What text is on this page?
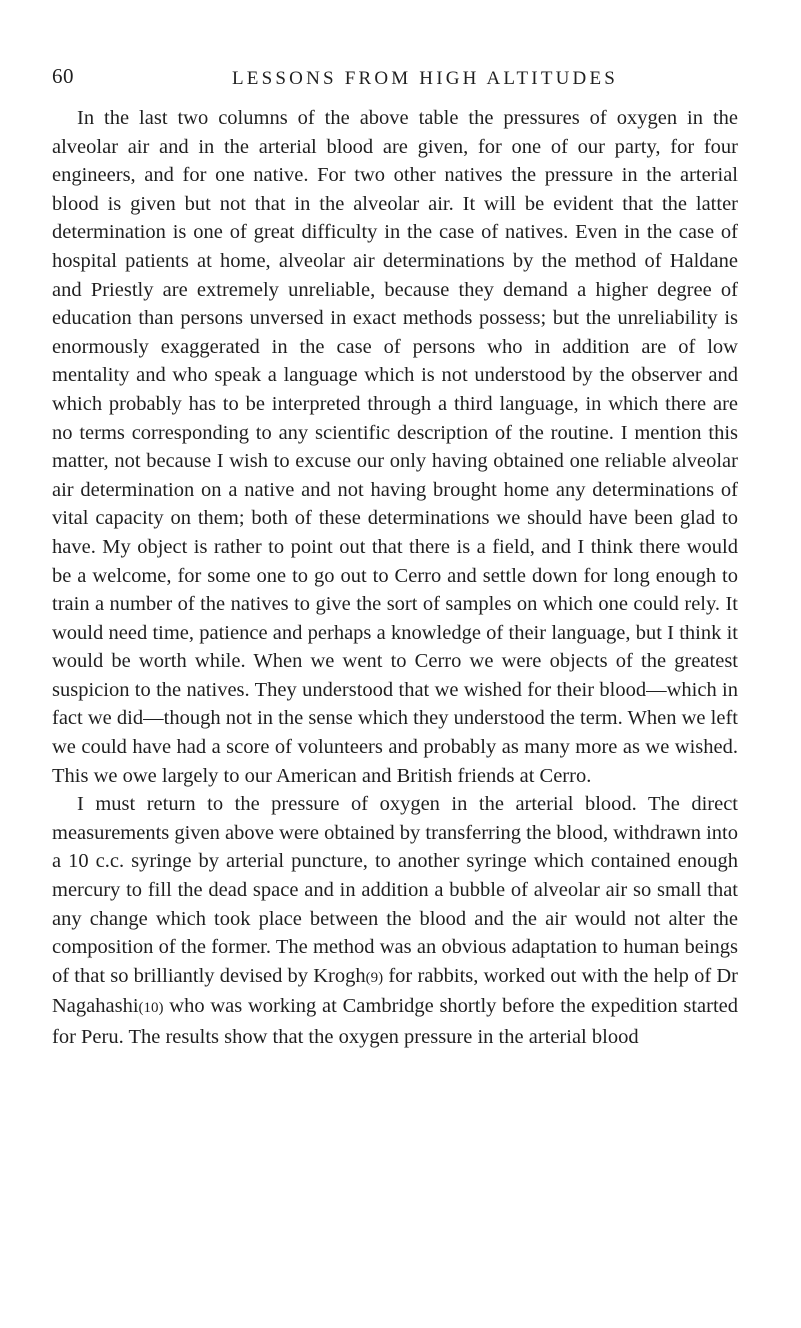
60	LESSONS FROM HIGH ALTITUDES

In the last two columns of the above table the pressures of oxygen in the alveolar air and in the arterial blood are given, for one of our party, for four engineers, and for one native. For two other natives the pressure in the arterial blood is given but not that in the alveolar air. It will be evident that the latter determination is one of great difficulty in the case of natives. Even in the case of hospital patients at home, alveolar air determinations by the method of Haldane and Priestly are extremely unreliable, because they demand a higher degree of education than persons unversed in exact methods possess; but the unreliability is enormously exaggerated in the case of persons who in addition are of low mentality and who speak a language which is not understood by the observer and which probably has to be interpreted through a third language, in which there are no terms corresponding to any scientific description of the routine. I mention this matter, not because I wish to excuse our only having obtained one reliable alveolar air determination on a native and not having brought home any determinations of vital capacity on them; both of these determinations we should have been glad to have. My object is rather to point out that there is a field, and I think there would be a welcome, for some one to go out to Cerro and settle down for long enough to train a number of the natives to give the sort of samples on which one could rely. It would need time, patience and perhaps a knowledge of their language, but I think it would be worth while. When we went to Cerro we were objects of the greatest suspicion to the natives. They understood that we wished for their blood—which in fact we did—though not in the sense which they understood the term. When we left we could have had a score of volunteers and probably as many more as we wished. This we owe largely to our American and British friends at Cerro.

I must return to the pressure of oxygen in the arterial blood. The direct measurements given above were obtained by transferring the blood, withdrawn into a 10 c.c. syringe by arterial puncture, to another syringe which contained enough mercury to fill the dead space and in addition a bubble of alveolar air so small that any change which took place between the blood and the air would not alter the composition of the former. The method was an obvious adaptation to human beings of that so brilliantly devised by Krogh(9) for rabbits, worked out with the help of Dr Nagahashi(10) who was working at Cambridge shortly before the expedition started for Peru. The results show that the oxygen pressure in the arterial blood
